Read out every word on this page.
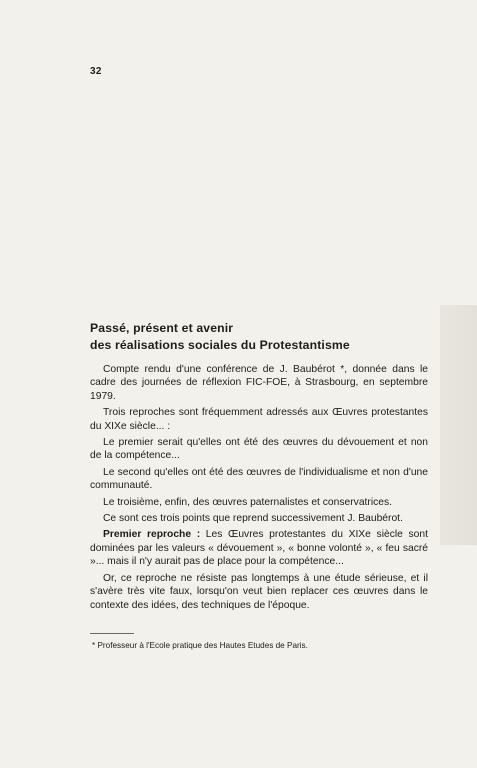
32
Passé, présent et avenir
des réalisations sociales du Protestantisme

Compte rendu d'une conférence de J. Baubérot *, donnée dans le cadre des journées de réflexion FIC-FOE, à Strasbourg, en septembre 1979.

Trois reproches sont fréquemment adressés aux Œuvres protestantes du XIXe siècle... :

Le premier serait qu'elles ont été des œuvres du dévouement et non de la compétence...

Le second qu'elles ont été des œuvres de l'individualisme et non d'une communauté.

Le troisième, enfin, des œuvres paternalistes et conservatrices.

Ce sont ces trois points que reprend successivement J. Baubérot.

Premier reproche : Les Œuvres protestantes du XIXe siècle sont dominées par les valeurs « dévouement », « bonne volonté », « feu sacré »... mais il n'y aurait pas de place pour la compétence...

Or, ce reproche ne résiste pas longtemps à une étude sérieuse, et il s'avère très vite faux, lorsqu'on veut bien replacer ces œuvres dans le contexte des idées, des techniques de l'époque.

* Professeur à l'Ecole pratique des Hautes Etudes de Paris.
